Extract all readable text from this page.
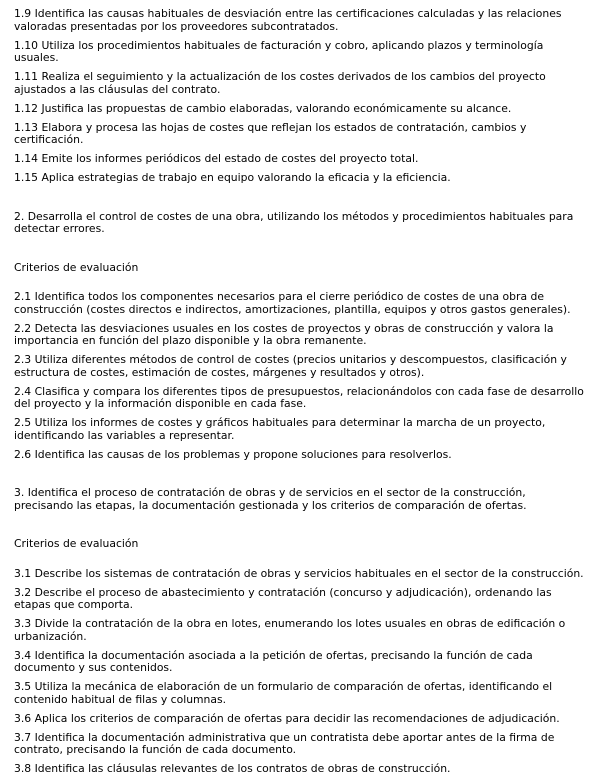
1.9 Identifica las causas habituales de desviación entre las certificaciones calculadas y las relaciones valoradas presentadas por los proveedores subcontratados.

1.10 Utiliza los procedimientos habituales de facturación y cobro, aplicando plazos y terminología usuales.

1.11 Realiza el seguimiento y la actualización de los costes derivados de los cambios del proyecto ajustados a las cláusulas del contrato.

1.12 Justifica las propuestas de cambio elaboradas, valorando económicamente su alcance.

1.13 Elabora y procesa las hojas de costes que reflejan los estados de contratación, cambios y certificación.

1.14 Emite los informes periódicos del estado de costes del proyecto total.

1.15 Aplica estrategias de trabajo en equipo valorando la eficacia y la eficiencia.

2. Desarrolla el control de costes de una obra, utilizando los métodos y procedimientos habituales para detectar errores.

Criterios de evaluación

2.1 Identifica todos los componentes necesarios para el cierre periódico de costes de una obra de construcción (costes directos e indirectos, amortizaciones, plantilla, equipos y otros gastos generales).

2.2 Detecta las desviaciones usuales en los costes de proyectos y obras de construcción y valora la importancia en función del plazo disponible y la obra remanente.

2.3 Utiliza diferentes métodos de control de costes (precios unitarios y descompuestos, clasificación y estructura de costes, estimación de costes, márgenes y resultados y otros).

2.4 Clasifica y compara los diferentes tipos de presupuestos, relacionándolos con cada fase de desarrollo del proyecto y la información disponible en cada fase.

2.5 Utiliza los informes de costes y gráficos habituales para determinar la marcha de un proyecto, identificando las variables a representar.

2.6 Identifica las causas de los problemas y propone soluciones para resolverlos.

3. Identifica el proceso de contratación de obras y de servicios en el sector de la construcción, precisando las etapas, la documentación gestionada y los criterios de comparación de ofertas.

Criterios de evaluación

3.1 Describe los sistemas de contratación de obras y servicios habituales en el sector de la construcción.

3.2 Describe el proceso de abastecimiento y contratación (concurso y adjudicación), ordenando las etapas que comporta.

3.3 Divide la contratación de la obra en lotes, enumerando los lotes usuales en obras de edificación o urbanización.

3.4 Identifica la documentación asociada a la petición de ofertas, precisando la función de cada documento y sus contenidos.

3.5 Utiliza la mecánica de elaboración de un formulario de comparación de ofertas, identificando el contenido habitual de filas y columnas.

3.6 Aplica los criterios de comparación de ofertas para decidir las recomendaciones de adjudicación.

3.7 Identifica la documentación administrativa que un contratista debe aportar antes de la firma de contrato, precisando la función de cada documento.

3.8 Identifica las cláusulas relevantes de los contratos de obras de construcción.
